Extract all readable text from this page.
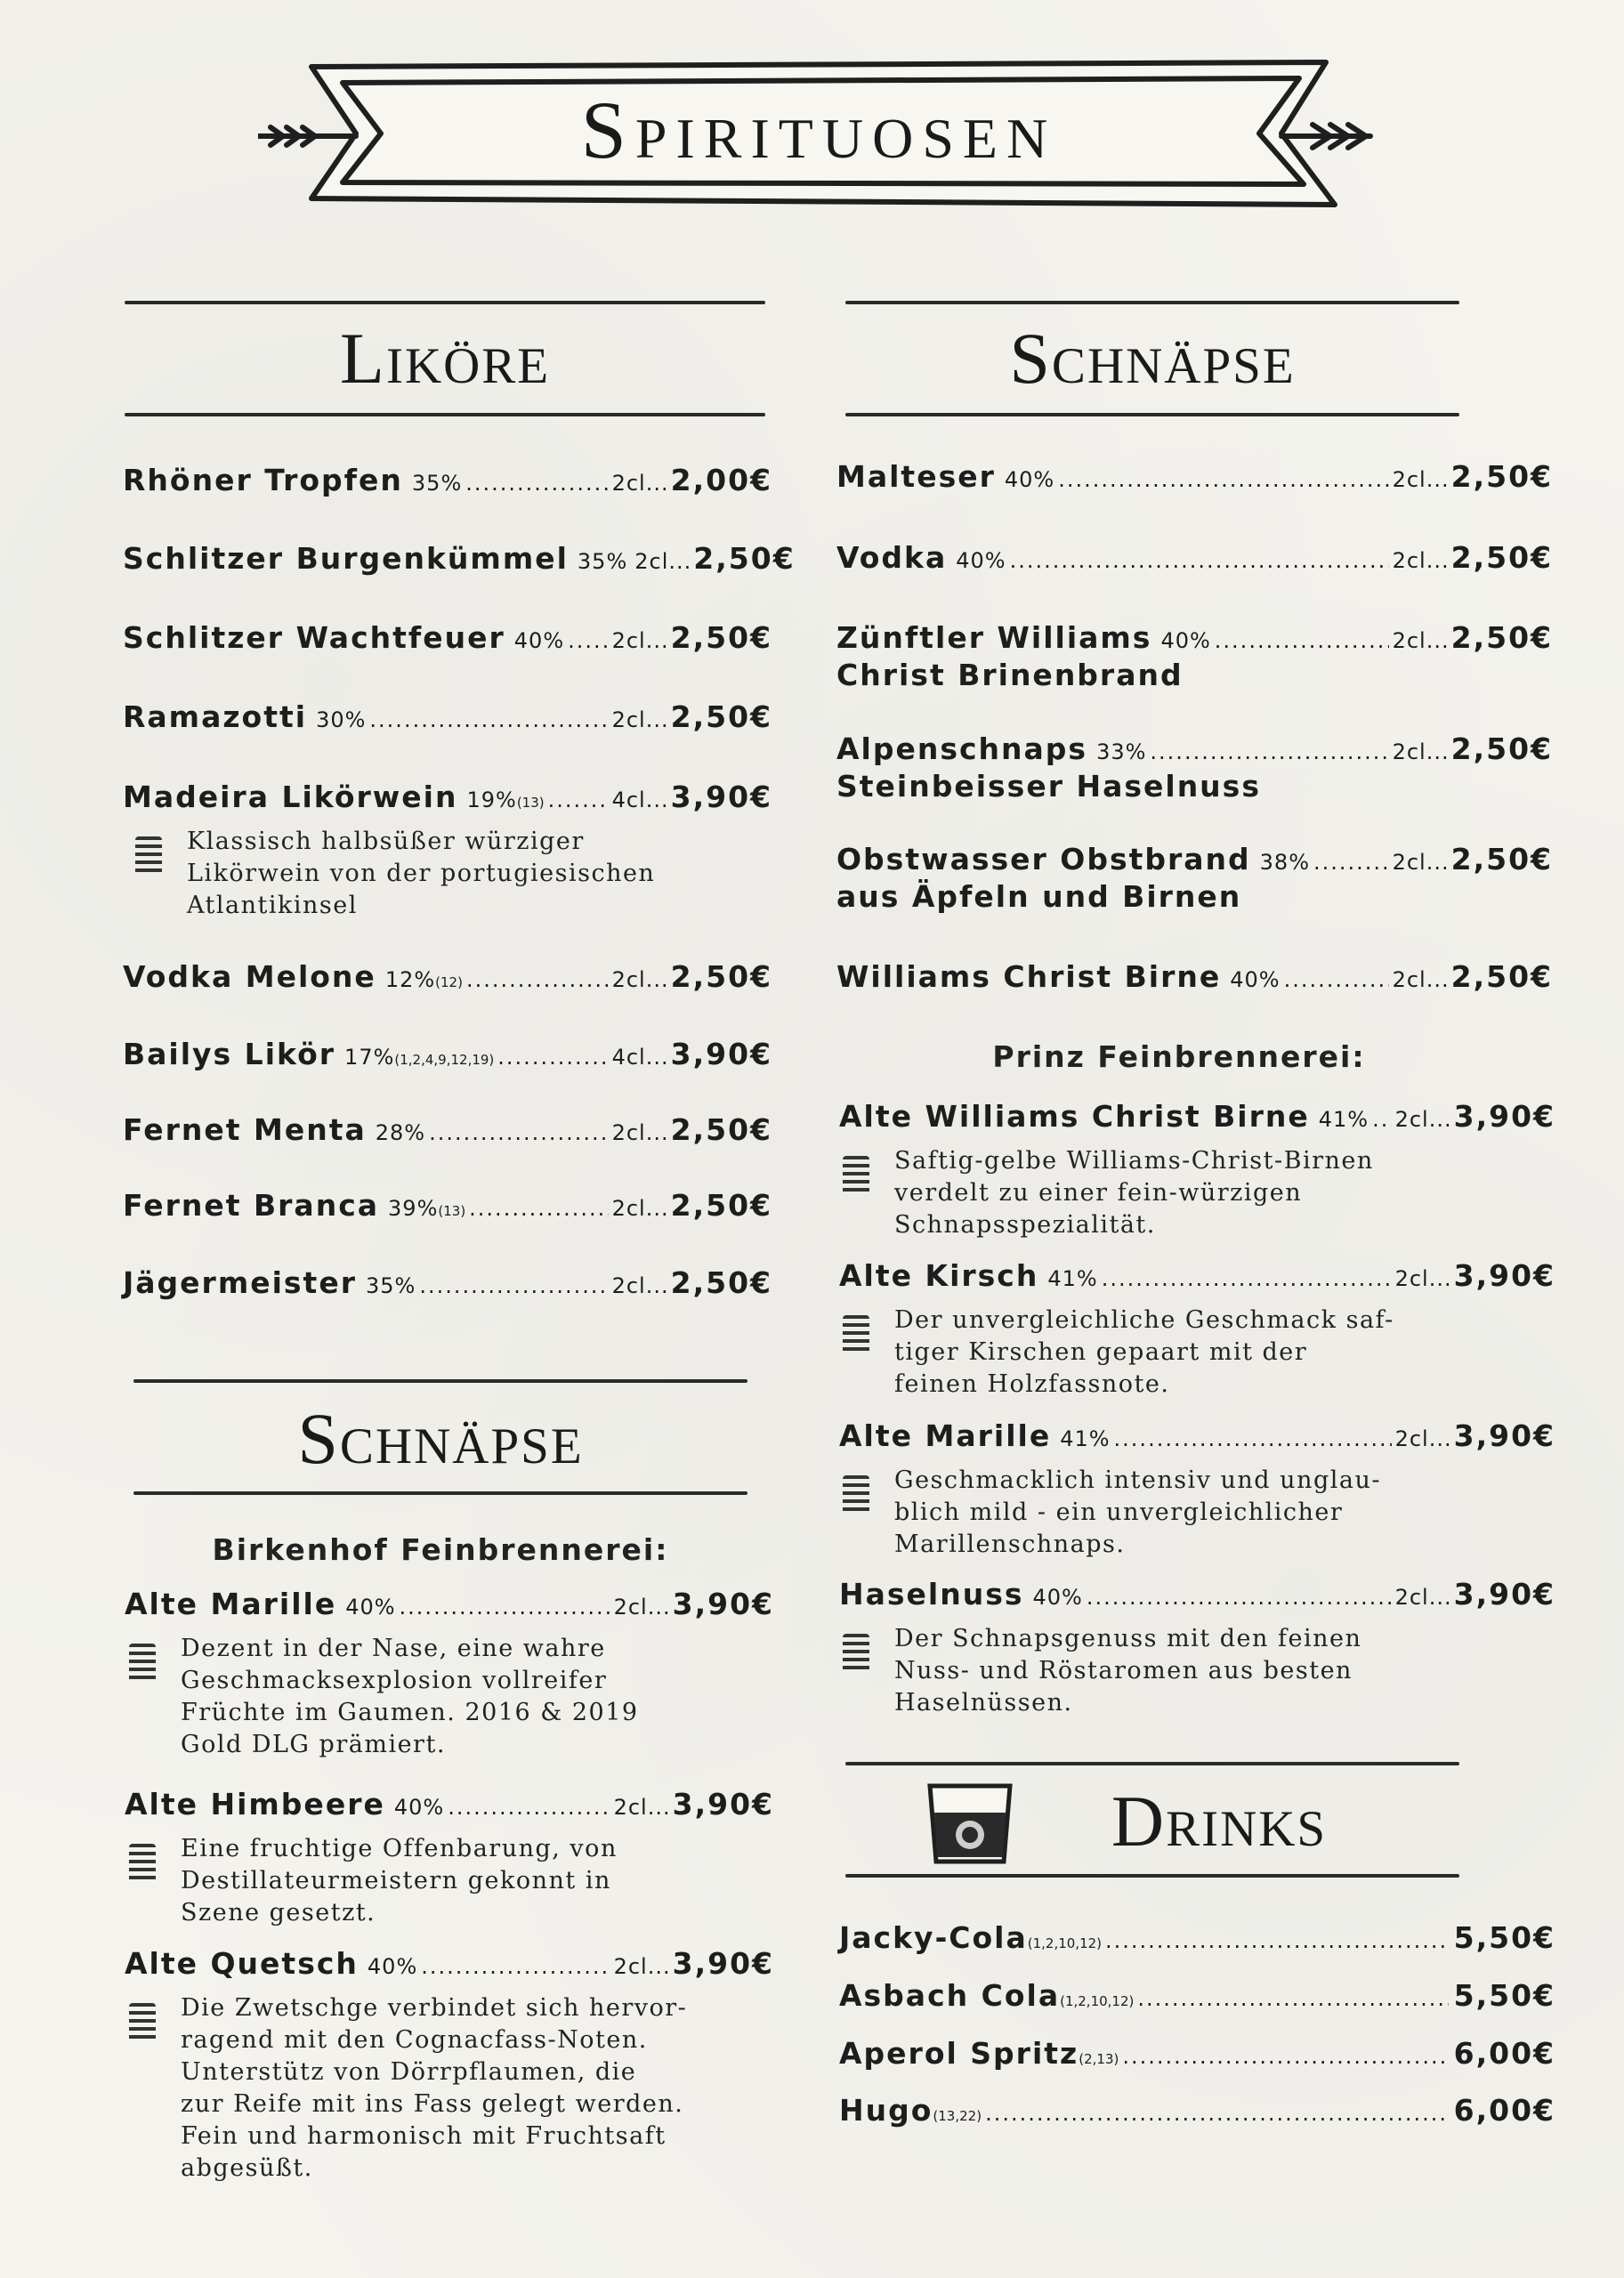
Spirituosen
Liköre
Rhöner Tropfen 35% .....	2cl ... 2,00€
Schlitzer Burgenkümmel 35% 2cl ... 2,50€
Schlitzer Wachtfeuer 40% ..... 2cl ... 2,50€
Ramazotti 30% .....	2cl ... 2,50€
Madeira Likörwein 19% (13) .....	4cl ... 3,90€
Vodka Melone 12% (12) .....	2cl ... 2,50€
Bailys Likör 17% (1,2,4,9,12,19) .....	4cl ... 3,90€
Fernet Menta 28% .....	2cl ... 2,50€
Fernet Branca 39% (13) .....	2cl ... 2,50€
Jägermeister 35% .....	2cl ... 2,50€
Klassisch halbsüßer würziger
Likörwein von der portugiesischen
Atlantikinsel
Schnäpse
Birkenhof Feinbrennerei:
Alte Marille 40% .....	2cl ... 3,90€
Dezent in der Nase, eine wahre
Geschmacksexplosion vollreifer
Früchte im Gaumen. 2016 & 2019
Gold DLG prämiert.
Alte Himbeere 40% .....	2cl ... 3,90€
Eine fruchtige Offenbarung, von
Destillateurmeistern gekonnt in
Szene gesetzt.
Alte Quetsch 40% .....	2cl ... 3,90€
Die Zwetschge verbindet sich hervor-
ragend mit den Cognacfass-Noten.
Unterstütz von Dörrpflaumen, die
zur Reife mit ins Fass gelegt werden.
Fein und harmonisch mit Fruchtsaft
abgesüßt.
Schnäpse
Malteser 40% .....	2cl ... 2,50€
Vodka 40% .....	2cl ... 2,50€
Zünftler Williams 40% .....	2cl ... 2,50€
Christ Brinenbrand
Alpenschnaps 33% .....	2cl ... 2,50€
Steinbeisser Haselnuss
Obstwasser Obstbrand 38% .....	2cl ... 2,50€
aus Äpfeln und Birnen
Williams Christ Birne 40% .....	2cl ... 2,50€
Prinz Feinbrennerei:
Alte Williams Christ Birne 41% ..... 2cl ... 3,90€
Saftig-gelbe Williams-Christ-Birnen
verdelt zu einer fein-würzigen
Schnapsspezialität.
Alte Kirsch 41% .....	2cl ... 3,90€
Der unvergleichliche Geschmack saf-
tiger Kirschen gepaart mit der
feinen Holzfassnote.
Alte Marille 41% .....	2cl ... 3,90€
Geschmacklich intensiv und unglau-
blich mild - ein unvergleichlicher
Marillenschnaps.
Haselnuss 40% .....	2cl ... 3,90€
Der Schnapsgenuss mit den feinen
Nuss- und Röstaromen aus besten
Haselnüssen.
Drinks
Jacky-Cola (1,2,10,12) .....	5,50€
Asbach Cola (1,2,10,12) .....	5,50€
Aperol Spritz (2,13) .....	6,00€
Hugo (13,22) .....	6,00€
